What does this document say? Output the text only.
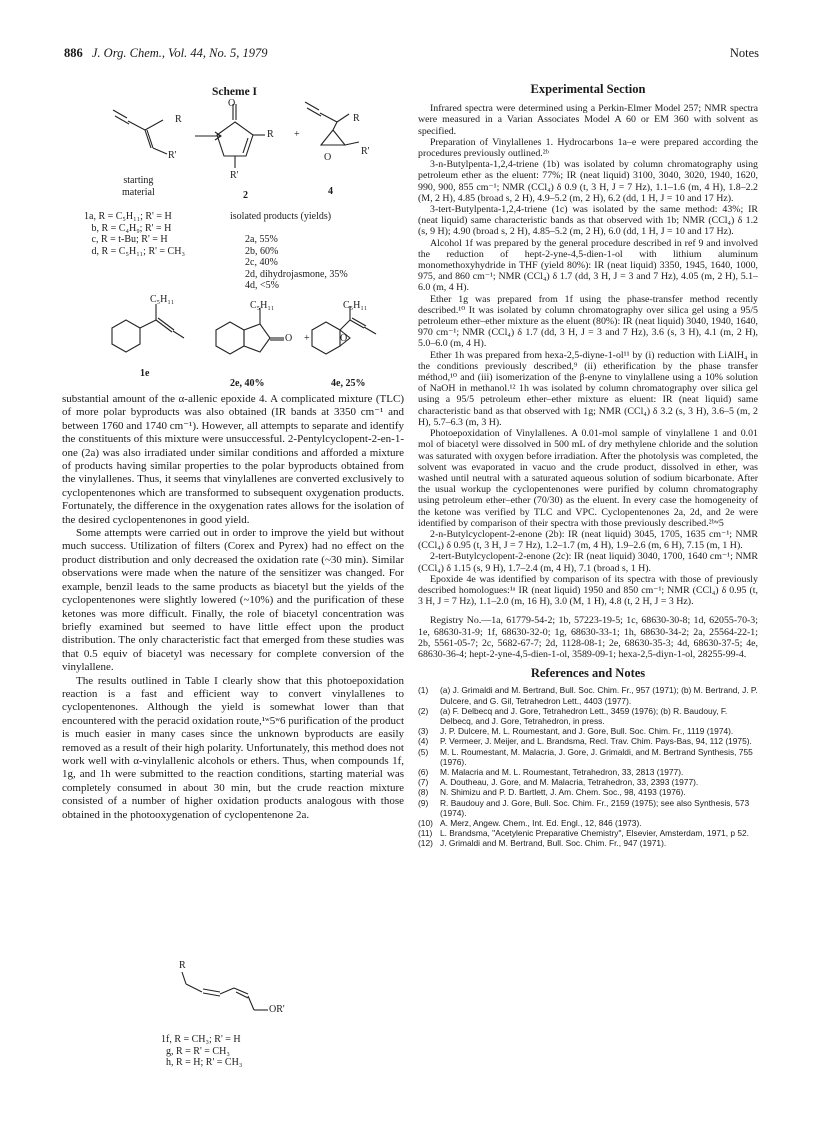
886 J. Org. Chem., Vol. 44, No. 5, 1979	Notes
Scheme I
O
R
R'
R
R'
+
R
R'
O
starting
material	2	4
1a, R = C₅H₁₁; R' = H
b, R = C₄H₉; R' = H
c, R = t-Bu; R' = H
d, R = C₅H₁₁; R' = CH₃
isolated products (yields)
2a, 55%
2b, 60%
2c, 40%
2d, dihydrojasmone, 35%
4d, <5%
C₅H₁₁
C₅H₁₁	C₅H₁₁
O +	O
1e
2e, 40%	4e, 25%

substantial amount of the α-allenic epoxide 4. A complicated mixture (TLC) of more polar byproducts was also obtained (IR bands at 3350 cm⁻¹ and between 1760 and 1740 cm⁻¹). However, all attempts to separate and identify the constituents of this mixture were unsuccessful. 2-Pentylcyclopent-2-en-1-one (2a) was also irradiated under similar conditions and afforded a mixture of products having similar properties to the polar byproducts obtained from the vinylallenes. Thus, it seems that vinylallenes are converted exclusively to cyclopentenones which are transformed to subsequent oxygenation products. Fortunately, the difference in the oxygenation rates allows for the isolation of the desired cyclopentenones in good yield.

Some attempts were carried out in order to improve the yield but without much success. Utilization of filters (Corex and Pyrex) had no effect on the product distribution and only decreased the oxidation rate (~30 min). Similar observations were made when the nature of the sensitizer was changed. For example, benzil leads to the same products as biacetyl but the yields of the cyclopentenones were slightly lowered (~10%) and the purification of these ketones was more difficult. Finally, the role of biacetyl concentration was briefly examined but seemed to have little effect upon the product distribution. The only characteristic fact that emerged from these studies was that 0.5 equiv of biacetyl was necessary for complete conversion of the vinylallene.

The results outlined in Table I clearly show that this photoepoxidation reaction is a fast and efficient way to convert vinylallenes to cyclopentenones. Although the yield is somewhat lower than that encountered with the peracid oxidation route,¹ʷ5ʷ6 purification of the product is much easier in many cases since the unknown byproducts are easily removed as a result of their high polarity. Unfortunately, this method does not work well with α-vinylallenic alcohols or ethers. Thus, when compounds 1f, 1g, and 1h were submitted to the reaction conditions, starting material was completely consumed in about 30 min, but the crude reaction mixture consisted of a number of higher oxidation products analogous with those obtained in the photooxygenation of cyclopentenone 2a.

R
OR'
1f, R = CH₃; R' = H
g, R = R' = CH₃
h, R = H; R' = CH₃
Experimental Section

Infrared spectra were determined using a Perkin-Elmer Model 257; NMR spectra were measured in a Varian Associates Model A 60 or EM 360 with solvent as specified.

Preparation of Vinylallenes 1. Hydrocarbons 1a–e were prepared according the procedures previously outlined.²ᵇ

3-n-Butylpenta-1,2,4-triene (1b) was isolated by column chromatography using petroleum ether as the eluent: 77%; IR (neat liquid) 3100, 3040, 3020, 1940, 1620, 990, 900, 855 cm⁻¹; NMR (CCl₄) δ 0.9 (t, 3 H, J = 7 Hz), 1.1–1.6 (m, 4 H), 1.8–2.2 (M, 2 H), 4.85 (broad s, 2 H), 4.9–5.2 (m, 2 H), 6.2 (dd, 1 H, J = 10 and 17 Hz).

3-tert-Butylpenta-1,2,4-triene (1c) was isolated by the same method: 43%; IR (neat liquid) same characteristic bands as that observed with 1b; NMR (CCl₄) δ 1.2 (s, 9 H); 4.90 (broad s, 2 H), 4.85–5.2 (m, 2 H), 6.0 (dd, 1 H, J = 10 and 17 Hz).

Alcohol 1f was prepared by the general procedure described in ref 9 and involved the reduction of hept-2-yne-4,5-dien-1-ol with lithium aluminum monomethoxyhydride in THF (yield 80%): IR (neat liquid) 3350, 1945, 1640, 1000, 975, and 860 cm⁻¹; NMR (CCl₄) δ 1.7 (dd, 3 H, J = 3 and 7 Hz), 4.05 (m, 2 H), 5.1–6.0 (m, 4 H).

Ether 1g was prepared from 1f using the phase-transfer method recently described.¹⁰ It was isolated by column chromatography over silica gel using a 95/5 petroleum ether–ether mixture as the eluent (80%): IR (neat liquid) 3040, 1940, 1640, 970 cm⁻¹; NMR (CCl₄) δ 1.7 (dd, 3 H, J = 3 and 7 Hz), 3.6 (s, 3 H), 4.1 (m, 2 H), 5.0–6.0 (m, 4 H).

Ether 1h was prepared from hexa-2,5-diyne-1-ol¹¹ by (i) reduction with LiAlH₄ in the conditions previously described,⁹ (ii) etherification by the phase transfer méthod,¹⁰ and (iii) isomerization of the β-enyne to vinylallene using a 10% solution of NaOH in methanol.¹² 1h was isolated by column chromatography over silica gel using a 95/5 petroleum ether–ether mixture as eluent: IR (neat liquid) same characteristic band as that observed with 1g; NMR (CCl₄) δ 3.2 (s, 3 H), 3.6–5 (m, 2 H), 5.7–6.3 (m, 3 H).

Photoepoxidation of Vinylallenes. A 0.01-mol sample of vinylallene 1 and 0.01 mol of biacetyl were dissolved in 500 mL of dry methylene chloride and the solution was saturated with oxygen before irradiation. After the photolysis was completed, the solvent was evaporated in vacuo and the crude product, dissolved in ether, was washed until neutral with a saturated aqueous solution of sodium bicarbonate. After the usual workup the cyclopentenones were purified by column chromatography using petroleum ether–ether (70/30) as the eluent. In every case the homogeneity of the ketone was verified by TLC and VPC. Cyclopentenones 2a, 2d, and 2e were identified by comparison of their spectra with those previously described.²ᵇʷ5

2-n-Butylcyclopent-2-enone (2b): IR (neat liquid) 3045, 1705, 1635 cm⁻¹; NMR (CCl₄) δ 0.95 (t, 3 H, J = 7 Hz), 1.2–1.7 (m, 4 H), 1.9–2.6 (m, 6 H), 7.15 (m, 1 H).

2-tert-Butylcyclopent-2-enone (2c): IR (neat liquid) 3040, 1700, 1640 cm⁻¹; NMR (CCl₄) δ 1.15 (s, 9 H), 1.7–2.4 (m, 4 H), 7.1 (broad s, 1 H).

Epoxide 4e was identified by comparison of its spectra with those of previously described homologues:¹ᵃ IR (neat liquid) 1950 and 850 cm⁻¹; NMR (CCl₄) δ 0.95 (t, 3 H, J = 7 Hz), 1.1–2.0 (m, 16 H), 3.0 (M, 1 H), 4.8 (t, 2 H, J = 3 Hz).

Registry No.—1a, 61779-54-2; 1b, 57223-19-5; 1c, 68630-30-8; 1d, 62055-70-3; 1e, 68630-31-9; 1f, 68630-32-0; 1g, 68630-33-1; 1h, 68630-34-2; 2a, 25564-22-1; 2b, 5561-05-7; 2c, 5682-67-7; 2d, 1128-08-1; 2e, 68630-35-3; 4d, 68630-37-5; 4e, 68630-36-4; hept-2-yne-4,5-dien-1-ol, 3589-09-1; hexa-2,5-diyn-1-ol, 28255-99-4.

References and Notes
(1)	(a) J. Grimaldi and M. Bertrand, Bull. Soc. Chim. Fr., 957 (1971); (b) M. Bertrand, J. P. Dulcere, and G. Gil, Tetrahedron Lett., 4403 (1977).
(2)	(a) F. Delbecq and J. Gore, Tetrahedron Lett., 3459 (1976); (b) R. Baudouy, F. Delbecq, and J. Gore, Tetrahedron, in press.
(3)	J. P. Dulcere, M. L. Roumestant, and J. Gore, Bull. Soc. Chim. Fr., 1119 (1974).
(4)	P. Vermeer, J. Meijer, and L. Brandsma, Recl. Trav. Chim. Pays-Bas, 94, 112 (1975).
(5)	M. L. Roumestant, M. Malacria, J. Gore, J. Grimaldi, and M. Bertrand Synthesis, 755 (1976).
(6)	M. Malacria and M. L. Roumestant, Tetrahedron, 33, 2813 (1977).
(7)	A. Doutheau, J. Gore, and M. Malacria, Tetrahedron, 33, 2393 (1977).
(8)	N. Shimizu and P. D. Bartlett, J. Am. Chem. Soc., 98, 4193 (1976).
(9)	R. Baudouy and J. Gore, Bull. Soc. Chim. Fr., 2159 (1975); see also Synthesis, 573 (1974).
(10) A. Merz, Angew. Chem., Int. Ed. Engl., 12, 846 (1973).
(11) L. Brandsma, "Acetylenic Preparative Chemistry", Elsevier, Amsterdam, 1971, p 52.
(12) J. Grimaldi and M. Bertrand, Bull. Soc. Chim. Fr., 947 (1971).
